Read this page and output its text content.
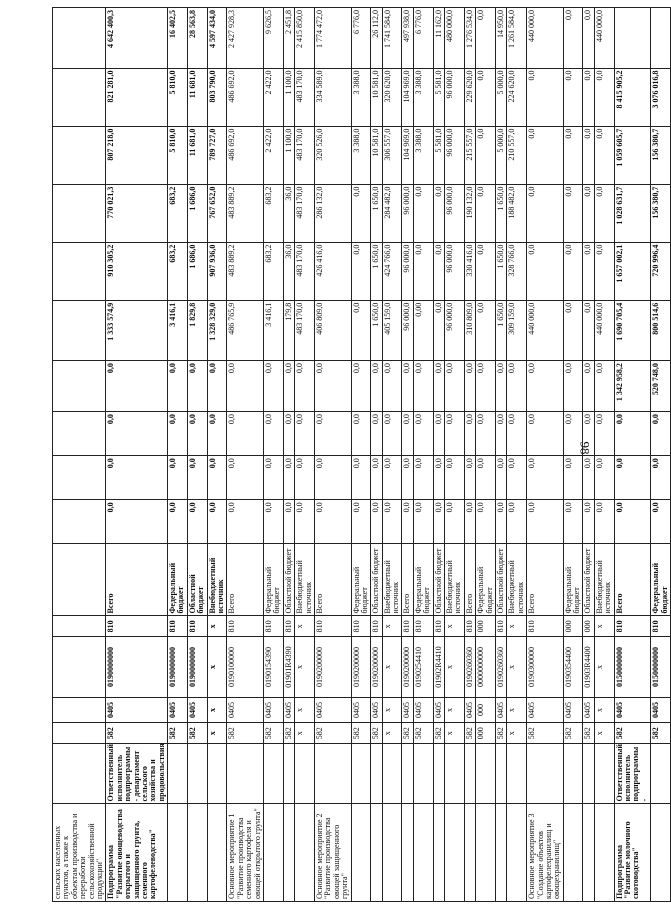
98
сельских населенных пунктов, а также к объектам производства и переработки сельскохозяйственной продукции"																
Подпрограмма "Развитие овощеводства открытого и защищенного грунта, семенного картофелеводства"	Ответственный исполнитель подпрограммы - департамент сельского хозяйства и продовольствия	582	0405	0190000000	810	Всего	0,0	0,0	0,0	0,0	1 333 574,9	910 305,2	770 021,3	807 218,0	821 281,0	4 642 400,3
		582	0405	0190000000	810	Федеральный бюджет	0,0	0,0	0,0	0,0	3 416,1	683,2	683,2	5 810,0	5 810,0	16 402,5
		582	0405	0190000000	810	Областной бюджет	0,0	0,0	0,0	0,0	1 829,8	1 686,0	1 686,0	11 681,0	11 681,0	28 563,8
		x	x	x	x	Внебюджетный источник	0,0	0,0	0,0	0,0	1 328 329,0	907 936,0	767 652,0	789 727,0	803 790,0	4 597 434,0
Основное мероприятие 1 "Развитие производства семенного картофеля и овощей открытого грунта"		582	0405	0190100000	810	Всего	0,0	0,0	0,0	0,0	486 765,9	483 889,2	483 889,2	486 692,0	486 692,0	2 427 928,3
		582	0405	0190154390	810	Федеральный бюджет	0,0	0,0	0,0	0,0	3 416,1	683,2	683,2	2 422,0	2 422,0	9 626,5
		582	0405	01901R4390	810	Областной бюджет	0,0	0,0	0,0	0,0	179,8	36,0	36,0	1 100,0	1 100,0	2 451,8
		x	x	x	x	Внебюджетный источник	0,0	0,0	0,0	0,0	483 170,0	483 170,0	483 170,0	483 170,0	483 170,0	2 415 850,0
Основное мероприятие 2 "Развитие производства овощей защищенного грунта"		582	0405	0190200000	810	Всего	0,0	0,0	0,0	0,0	406 809,0	426 416,0	286 132,0	320 526,0	334 589,0	1 774 472,0
		582	0405	0190200000	810	Федеральный бюджет	0,0	0,0	0,0	0,0	0,0	0,0	0,0	3 388,0	3 388,0	6 776,0
		582	0405	0190200000	810	Областной бюджет	0,0	0,0	0,0	0,0	1 650,0	1 650,0	1 650,0	10 581,0	10 581,0	26 112,0
		x	x	x	x	Внебюджетный источник	0,0	0,0	0,0	0,0	405 159,0	424 766,0	284 482,0	306 557,0	320 620,0	1 741 584,0
		582	0405	0190200000	810	Всего	0,0	0,0	0,0	0,0	96 000,0	96 000,0	96 000,0	104 969,0	104 969,0	497 938,0
		582	0405	0190254410	810	Федеральный бюджет	0,0	0,0	0,0	0,0	0,00	0,0	0,0	3 388,0	3 388,0	6 776,0
		582	0405	01902R4410	810	Областной бюджет	0,0	0,0	0,0	0,0	0,0	0,0	0,0	5 581,0	5 581,0	11 162,0
		x	x	x	x	Внебюджетный источник	0,0	0,0	0,0	0,0	96 000,0	96 000,0	96 000,0	96 000,0	96 000,0	480 000,0
		582	0405	0190260360	810	Всего	0,0	0,0	0,0	0,0	310 809,0	330 416,0	190 132,0	215 557,0	229 620,0	1 276 534,0
		000	000	0000000000	000	Федеральный бюджет	0,0	0,0	0,0	0,0	0,0	0,0	0,0	0,0	0,0	0,0
		582	0405	0190260360	810	Областной бюджет	0,0	0,0	0,0	0,0	1 650,0	1 650,0	1 650,0	5 000,0	5 000,0	14 950,0
		x	x	x	x	Внебюджетный источник	0,0	0,0	0,0	0,0	309 159,0	328 766,0	188 482,0	210 557,0	224 620,0	1 261 584,0
Основное мероприятие 3 "Создание объектов картофелехранилищ и овощехранилищ"		582	0405	0190300000	810	Всего	0,0	0,0	0,0	0,0	440 000,0	0,0	0,0	0,0	0,0	440 000,0
		582	0405	0190354400	000	Федеральный бюджет	0,0	0,0	0,0	0,0	0,0	0,0	0,0	0,0	0,0	0,0
		582	0405	01903R4400	000	Областной бюджет	0,0	0,0	0,0	0,0	0,0	0,0	0,0	0,0	0,0	0,0
		x	x	x	x	Внебюджетный источник	0,0	0,0	0,0	0,0	440 000,0	0,0	0,0	0,0	0,0	440 000,0
Подпрограмма "Развитие молочного скотоводства"	Ответственный исполнитель подпрограммы -	582	0405	0150000000	810	Всего	0,0	0,0	0,0	1 342 958,2	1 690 705,4	1 657 002,1	1 028 631,7	1 059 605,7	8 415 905,2	
		582	0405	0150000000	810	Федеральный бюджет	0,0	0,0	0,0	520 748,0	800 514,6	720 996,4	156 380,7	156 380,7	3 076 016,8	
